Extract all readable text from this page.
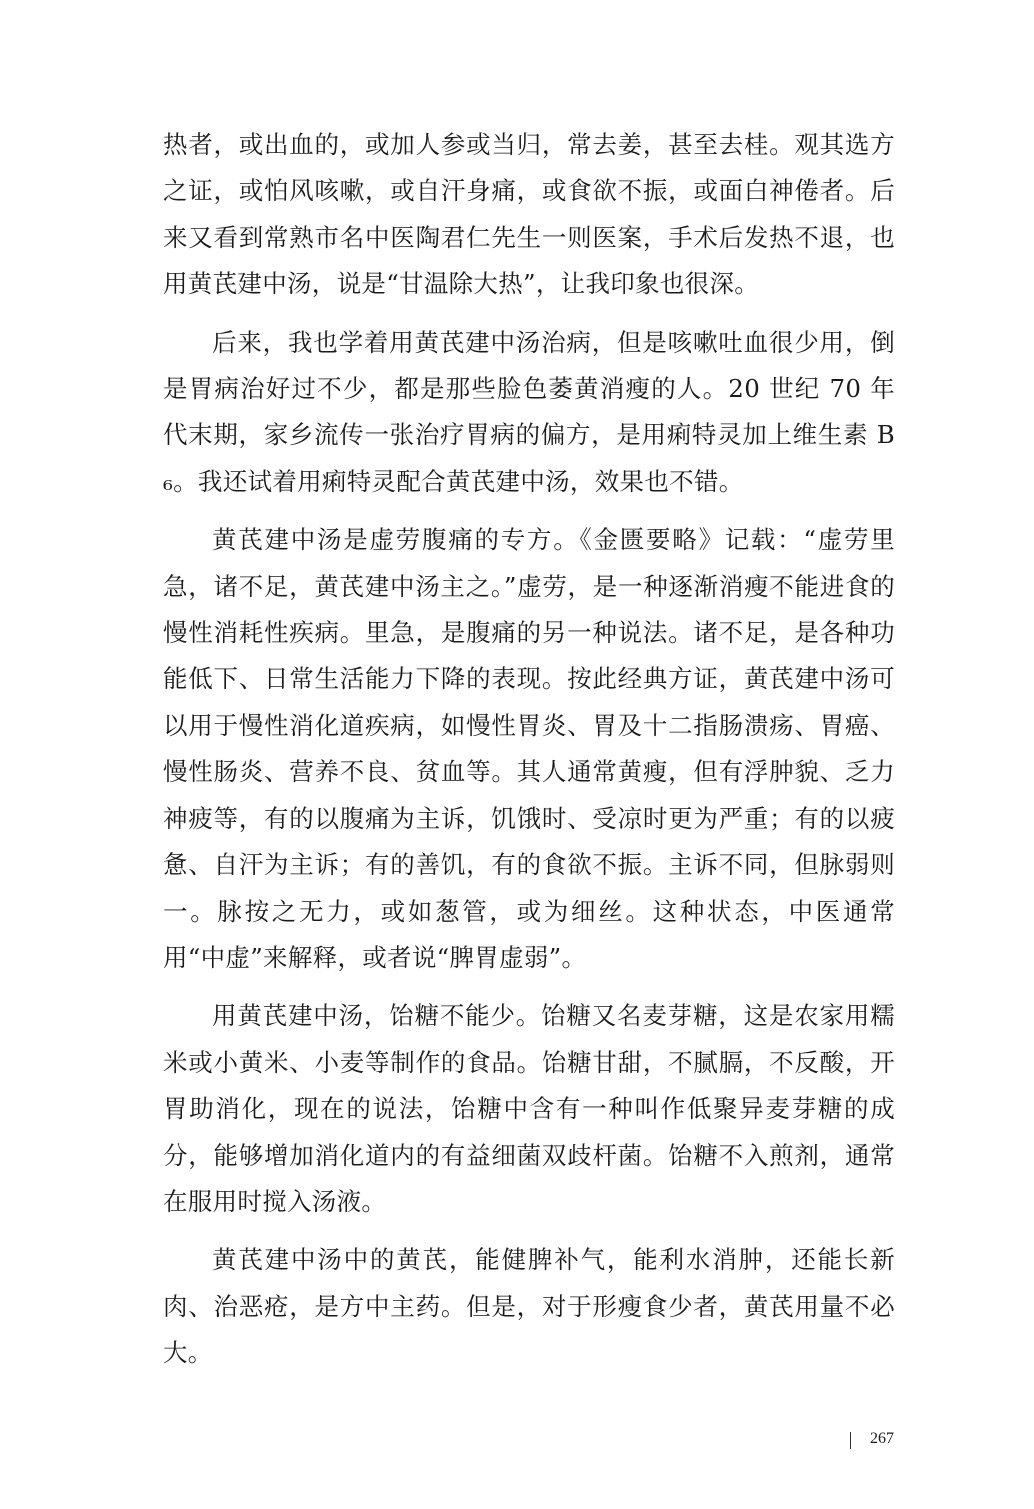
热者，或出血的，或加人参或当归，常去姜，甚至去桂。观其选方之证，或怕风咳嗽，或自汗身痛，或食欲不振，或面白神倦者。后来又看到常熟市名中医陶君仁先生一则医案，手术后发热不退，也用黄芪建中汤，说是“甘温除大热”，让我印象也很深。

后来，我也学着用黄芪建中汤治病，但是咳嗽吐血很少用，倒是胃病治好过不少，都是那些脸色萎黄消瘦的人。20 世纪 70 年代末期，家乡流传一张治疗胃病的偏方，是用痢特灵加上维生素 B₆。我还试着用痢特灵配合黄芪建中汤，效果也不错。

黄芪建中汤是虚劳腹痛的专方。《金匮要略》记载：“虚劳里急，诸不足，黄芪建中汤主之。”虚劳，是一种逐渐消瘦不能进食的慢性消耗性疾病。里急，是腹痛的另一种说法。诸不足，是各种功能低下、日常生活能力下降的表现。按此经典方证，黄芪建中汤可以用于慢性消化道疾病，如慢性胃炎、胃及十二指肠溃疡、胃癌、慢性肠炎、营养不良、贫血等。其人通常黄瘦，但有浮肿貌、乏力神疲等，有的以腹痛为主诉，饥饿时、受凉时更为严重；有的以疲惫、自汗为主诉；有的善饥，有的食欲不振。主诉不同，但脉弱则一。脉按之无力，或如葱管，或为细丝。这种状态，中医通常用“中虚”来解释，或者说“脾胃虚弱”。

用黄芪建中汤，饴糖不能少。饴糖又名麦芽糖，这是农家用糯米或小黄米、小麦等制作的食品。饴糖甘甜，不腻膈，不反酸，开胃助消化，现在的说法，饴糖中含有一种叫作低聚异麦芽糖的成分，能够增加消化道内的有益细菌双歧杆菌。饴糖不入煎剂，通常在服用时搅入汤液。

黄芪建中汤中的黄芪，能健脾补气，能利水消肿，还能长新肉、治恶疮，是方中主药。但是，对于形瘦食少者，黄芪用量不必大。

267
